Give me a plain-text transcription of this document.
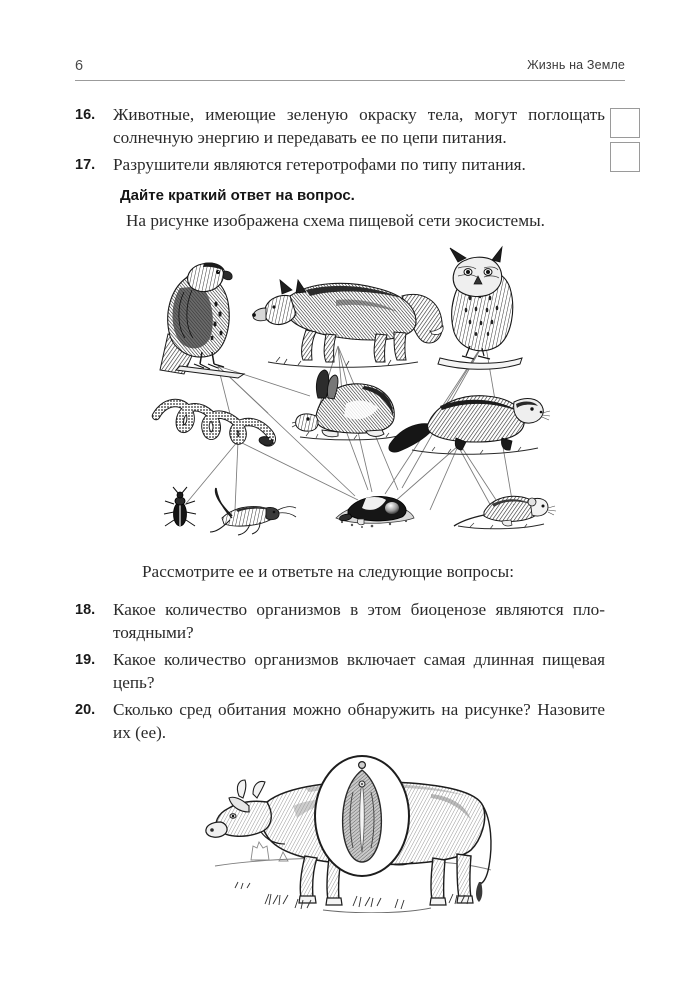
6	Жизнь на Земле
16.	Животные, имеющие зеленую окраску тела, могут поглощать солнечную энергию и передавать ее по цепи питания.
17.	Разрушители являются гетеротрофами по типу питания.
Дайте краткий ответ на вопрос.
На рисунке изображена схема пищевой сети экосистемы.
Рассмотрите ее и ответьте на следующие вопросы:
18.	Какое количество организмов в этом биоценозе являются плотоядными?
19.	Какое количество организмов включает самая длинная пищевая цепь?
20.	Сколько сред обитания можно обнаружить на рисунке? Назовите их (ее).
